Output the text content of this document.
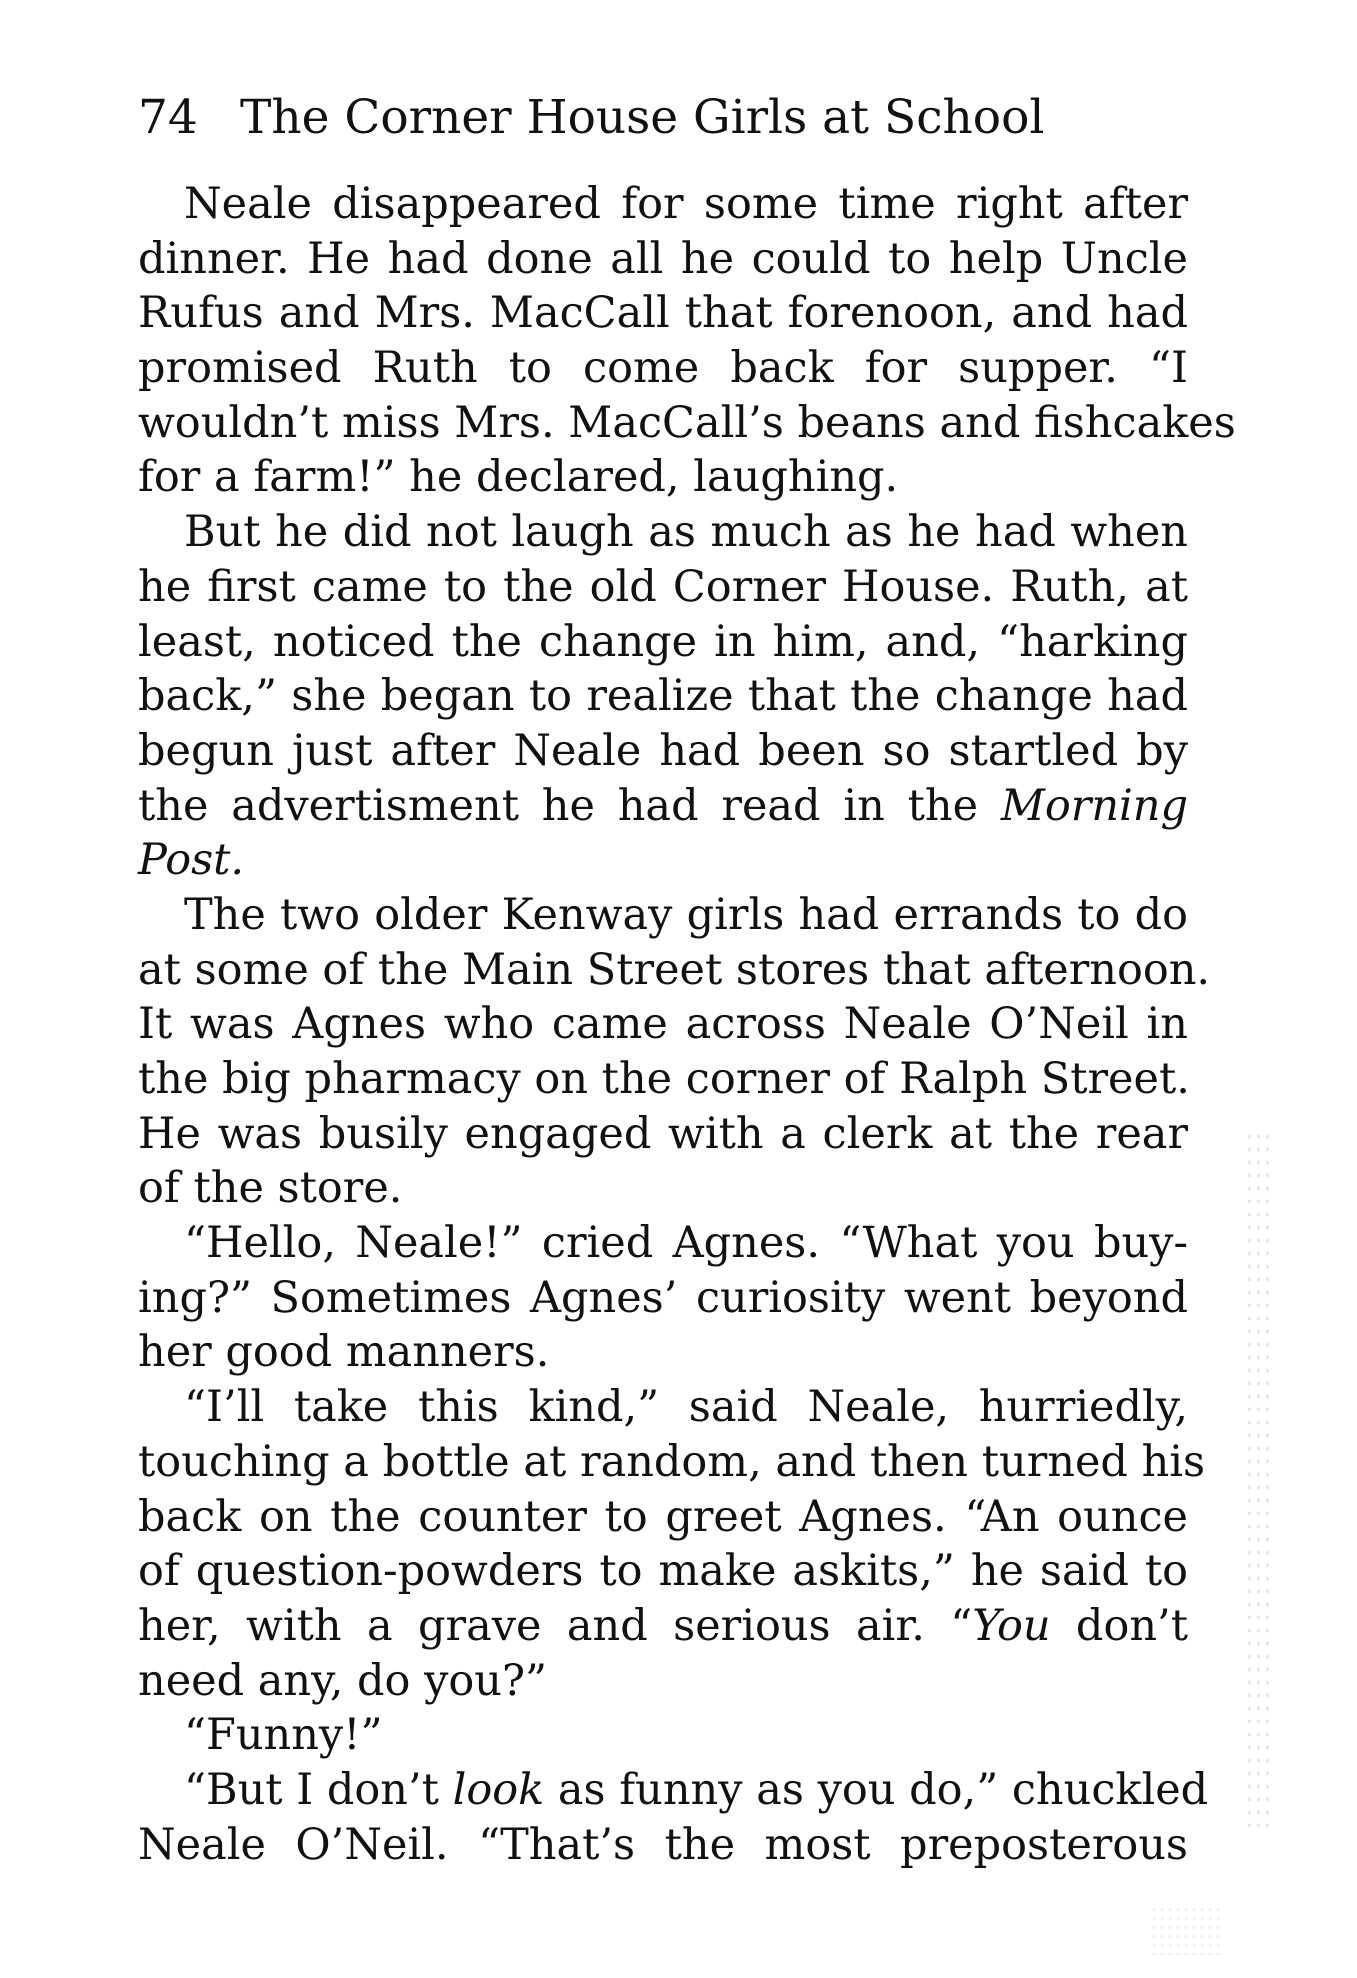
74 The Corner House Girls at School
Neale disappeared for some time right after
dinner. He had done all he could to help Uncle
Rufus and Mrs. MacCall that forenoon, and had
promised Ruth to come back for supper. “I
wouldn’t miss Mrs. MacCall’s beans and fishcakes
for a farm!” he declared, laughing.
But he did not laugh as much as he had when
he first came to the old Corner House. Ruth, at
least, noticed the change in him, and, “harking
back,” she began to realize that the change had
begun just after Neale had been so startled by
the advertisment he had read in the Morning
Post.
The two older Kenway girls had errands to do
at some of the Main Street stores that afternoon.
It was Agnes who came across Neale O’Neil in
the big pharmacy on the corner of Ralph Street.
He was busily engaged with a clerk at the rear
of the store.
“Hello, Neale!” cried Agnes. “What you buy-
ing?” Sometimes Agnes’ curiosity went beyond
her good manners.
“I’ll take this kind,” said Neale, hurriedly,
touching a bottle at random, and then turned his
back on the counter to greet Agnes. “An ounce
of question-powders to make askits,” he said to
her, with a grave and serious air. “You don’t
need any, do you?”
“Funny!”
“But I don’t look as funny as you do,” chuckled
Neale O’Neil. “That’s the most preposterous
